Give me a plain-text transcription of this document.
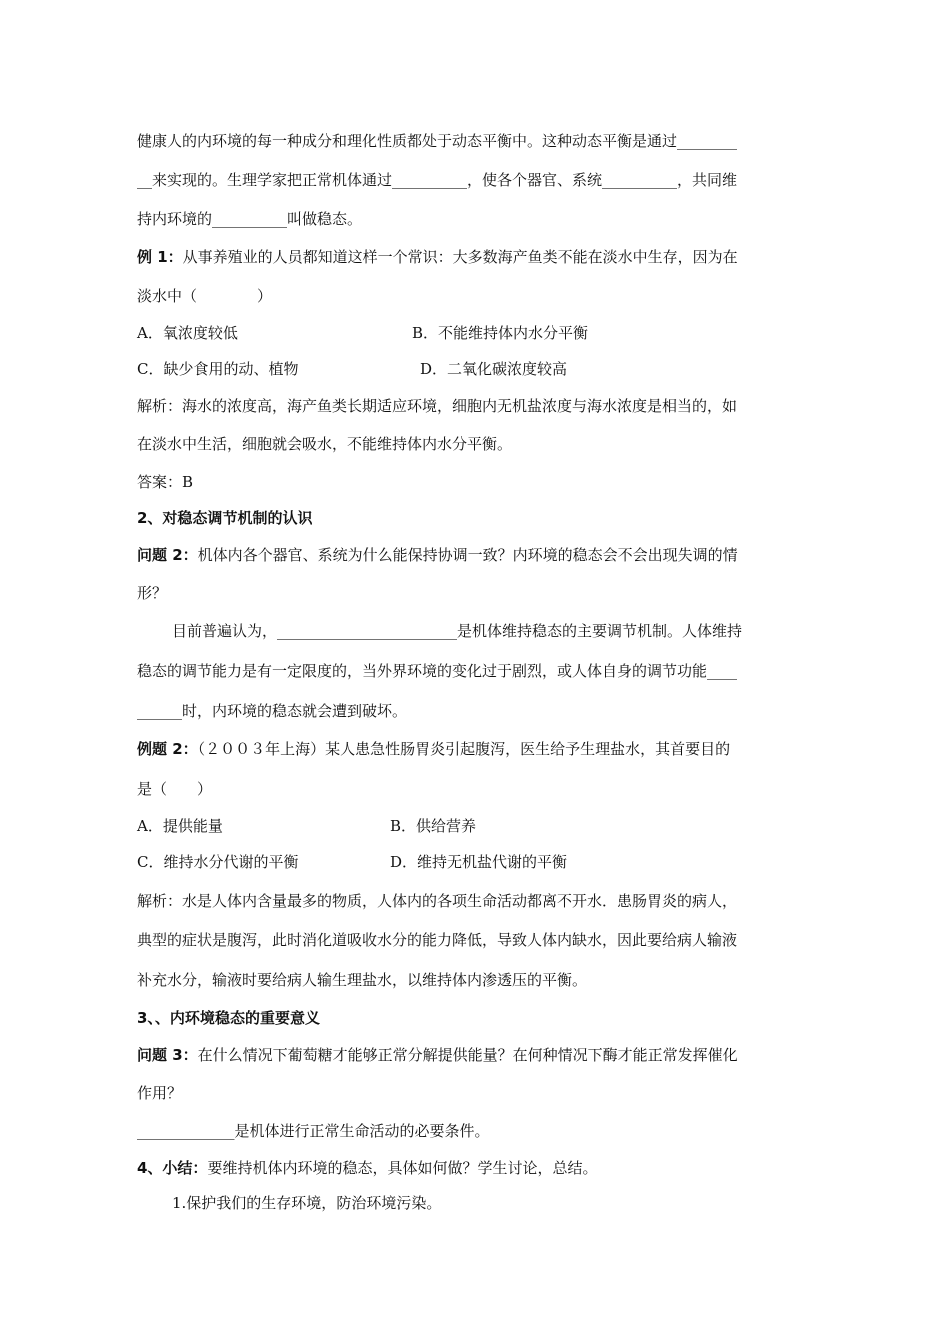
健康人的内环境的每一种成分和理化性质都处于动态平衡中。这种动态平衡是通过________
__来实现的。生理学家把正常机体通过__________，使各个器官、系统__________，共同维
持内环境的__________叫做稳态。
例 1：从事养殖业的人员都知道这样一个常识：大多数海产鱼类不能在淡水中生存，因为在
淡水中（　　　　）
A．氧浓度较低	B．不能维持体内水分平衡
C．缺少食用的动、植物	D．二氧化碳浓度较高
解析：海水的浓度高，海产鱼类长期适应环境，细胞内无机盐浓度与海水浓度是相当的，如
在淡水中生活，细胞就会吸水，不能维持体内水分平衡。
答案：B
2、对稳态调节机制的认识
问题 2：机体内各个器官、系统为什么能保持协调一致？内环境的稳态会不会出现失调的情
形？
目前普遍认为，________________________是机体维持稳态的主要调节机制。人体维持
稳态的调节能力是有一定限度的，当外界环境的变化过于剧烈，或人体自身的调节功能____
______时，内环境的稳态就会遭到破坏。
例题 2：（２００３年上海）某人患急性肠胃炎引起腹泻，医生给予生理盐水，其首要目的
是（　　）
A．提供能量	B．供给营养
C．维持水分代谢的平衡	D．维持无机盐代谢的平衡
解析：水是人体内含量最多的物质，人体内的各项生命活动都离不开水．患肠胃炎的病人，
典型的症状是腹泻，此时消化道吸收水分的能力降低，导致人体内缺水，因此要给病人输液
补充水分，输液时要给病人输生理盐水，以维持体内渗透压的平衡。
3、、内环境稳态的重要意义
问题 3：在什么情况下葡萄糖才能够正常分解提供能量？在何种情况下酶才能正常发挥催化
作用？
_____________是机体进行正常生命活动的必要条件。
4、小结：要维持机体内环境的稳态，具体如何做？学生讨论，总结。
1.保护我们的生存环境，防治环境污染。
